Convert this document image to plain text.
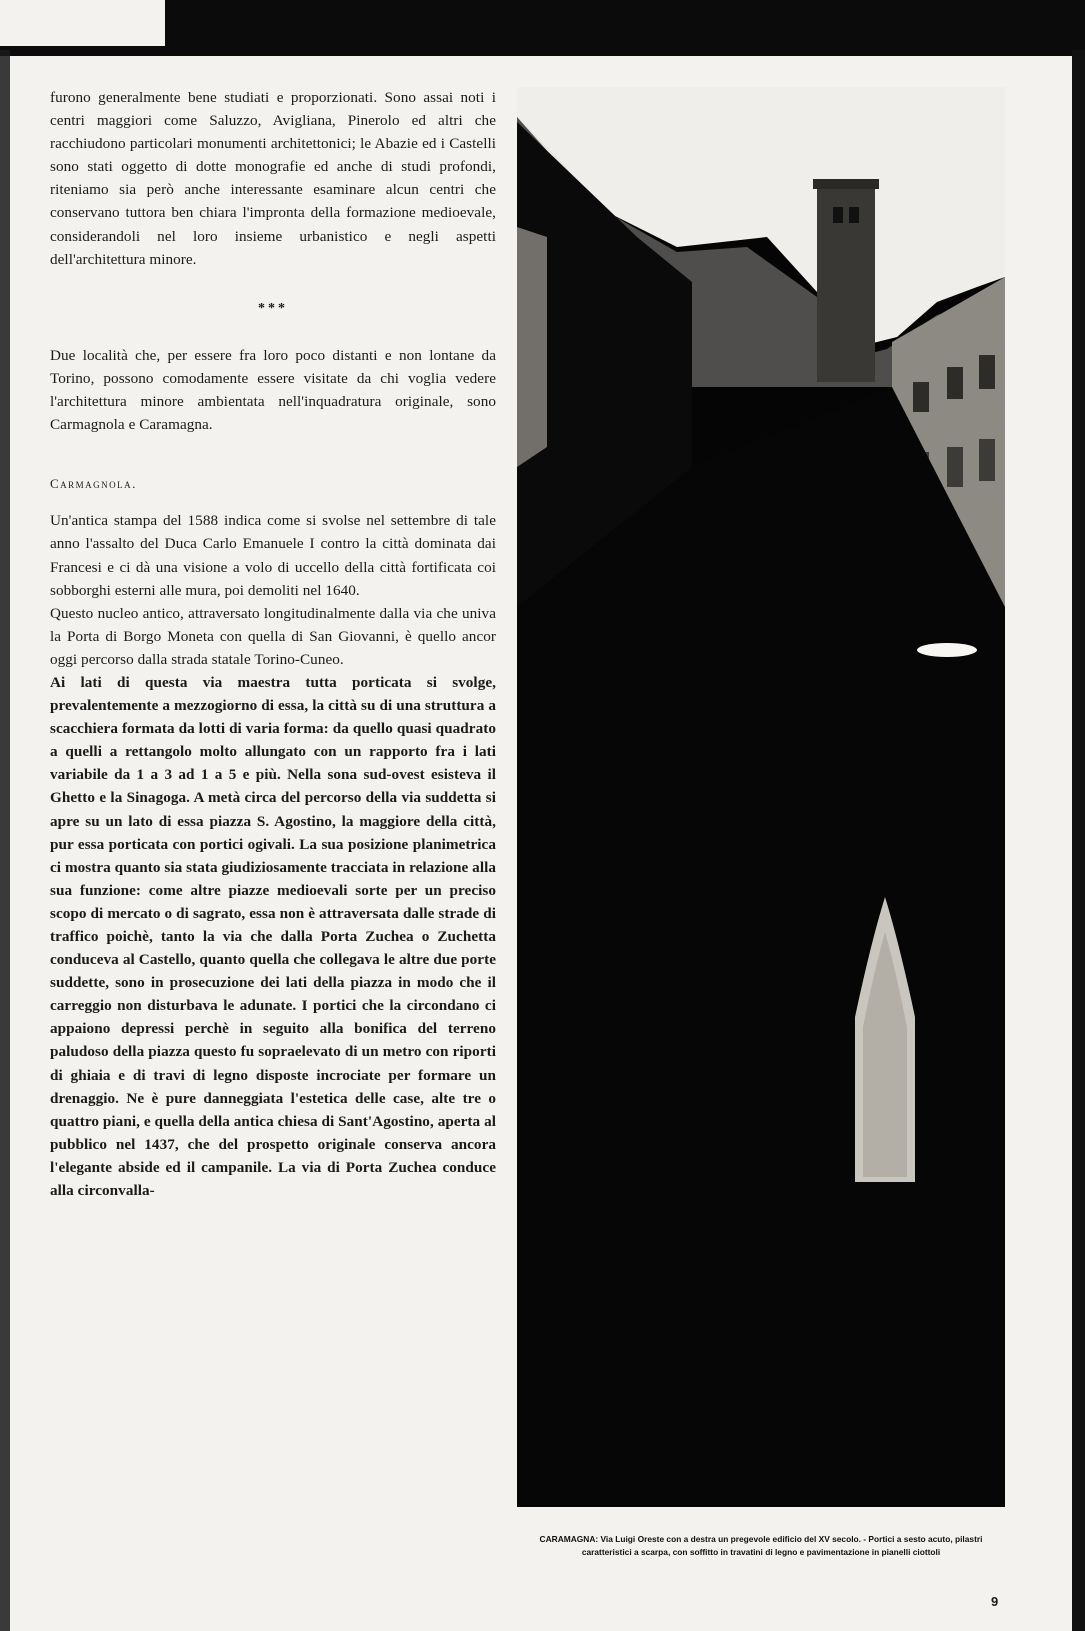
furono generalmente bene studiati e proporzionati. Sono assai noti i centri maggiori come Saluzzo, Avigliana, Pinerolo ed altri che racchiudono particolari monumenti architettonici; le Abazie ed i Castelli sono stati oggetto di dotte monografie ed anche di studi profondi, riteniamo sia però anche interessante esaminare alcun centri che conservano tuttora ben chiara l'impronta della formazione medioevale, considerandoli nel loro insieme urbanistico e negli aspetti dell'architettura minore.

***

Due località che, per essere fra loro poco distanti e non lontane da Torino, possono comodamente essere visitate da chi voglia vedere l'architettura minore ambientata nell'inquadratura originale, sono Carmagnola e Caramagna.

Carmagnola.

Un'antica stampa del 1588 indica come si svolse nel settembre di tale anno l'assalto del Duca Carlo Emanuele I contro la città dominata dai Francesi e ci dà una visione a volo di uccello della città fortificata coi sobborghi esterni alle mura, poi demoliti nel 1640.

Questo nucleo antico, attraversato longitudinalmente dalla via che univa la Porta di Borgo Moneta con quella di San Giovanni, è quello ancor oggi percorso dalla strada statale Torino-Cuneo.

Ai lati di questa via maestra tutta porticata si svolge, prevalentemente a mezzogiorno di essa, la città su di una struttura a scacchiera formata da lotti di varia forma: da quello quasi quadrato a quelli a rettangolo molto allungato con un rapporto fra i lati variabile da 1 a 3 ad 1 a 5 e più. Nella sona sud-ovest esisteva il Ghetto e la Sinagoga. A metà circa del percorso della via suddetta si apre su un lato di essa piazza S. Agostino, la maggiore della città, pur essa porticata con portici ogivali. La sua posizione planimetrica ci mostra quanto sia stata giudiziosamente tracciata in relazione alla sua funzione: come altre piazze medioevali sorte per un preciso scopo di mercato o di sagrato, essa non è attraversata dalle strade di traffico poichè, tanto la via che dalla Porta Zuchea o Zuchetta conduceva al Castello, quanto quella che collegava le altre due porte suddette, sono in prosecuzione dei lati della piazza in modo che il carreggio non disturbava le adunate. I portici che la circondano ci appaiono depressi perchè in seguito alla bonifica del terreno paludoso della piazza questo fu sopraelevato di un metro con riporti di ghiaia e di travi di legno disposte incrociate per formare un drenaggio. Ne è pure danneggiata l'estetica delle case, alte tre o quattro piani, e quella della antica chiesa di Sant'Agostino, aperta al pubblico nel 1437, che del prospetto originale conserva ancora l'elegante abside ed il campanile. La via di Porta Zuchea conduce alla circonvalla-

CARAMAGNA: Via Luigi Oreste con a destra un pregevole edificio del XV secolo. - Portici a sesto acuto, pilastri caratteristici a scarpa, con soffitto in travatini di legno e pavimentazione in pianelli ciottoli
9
